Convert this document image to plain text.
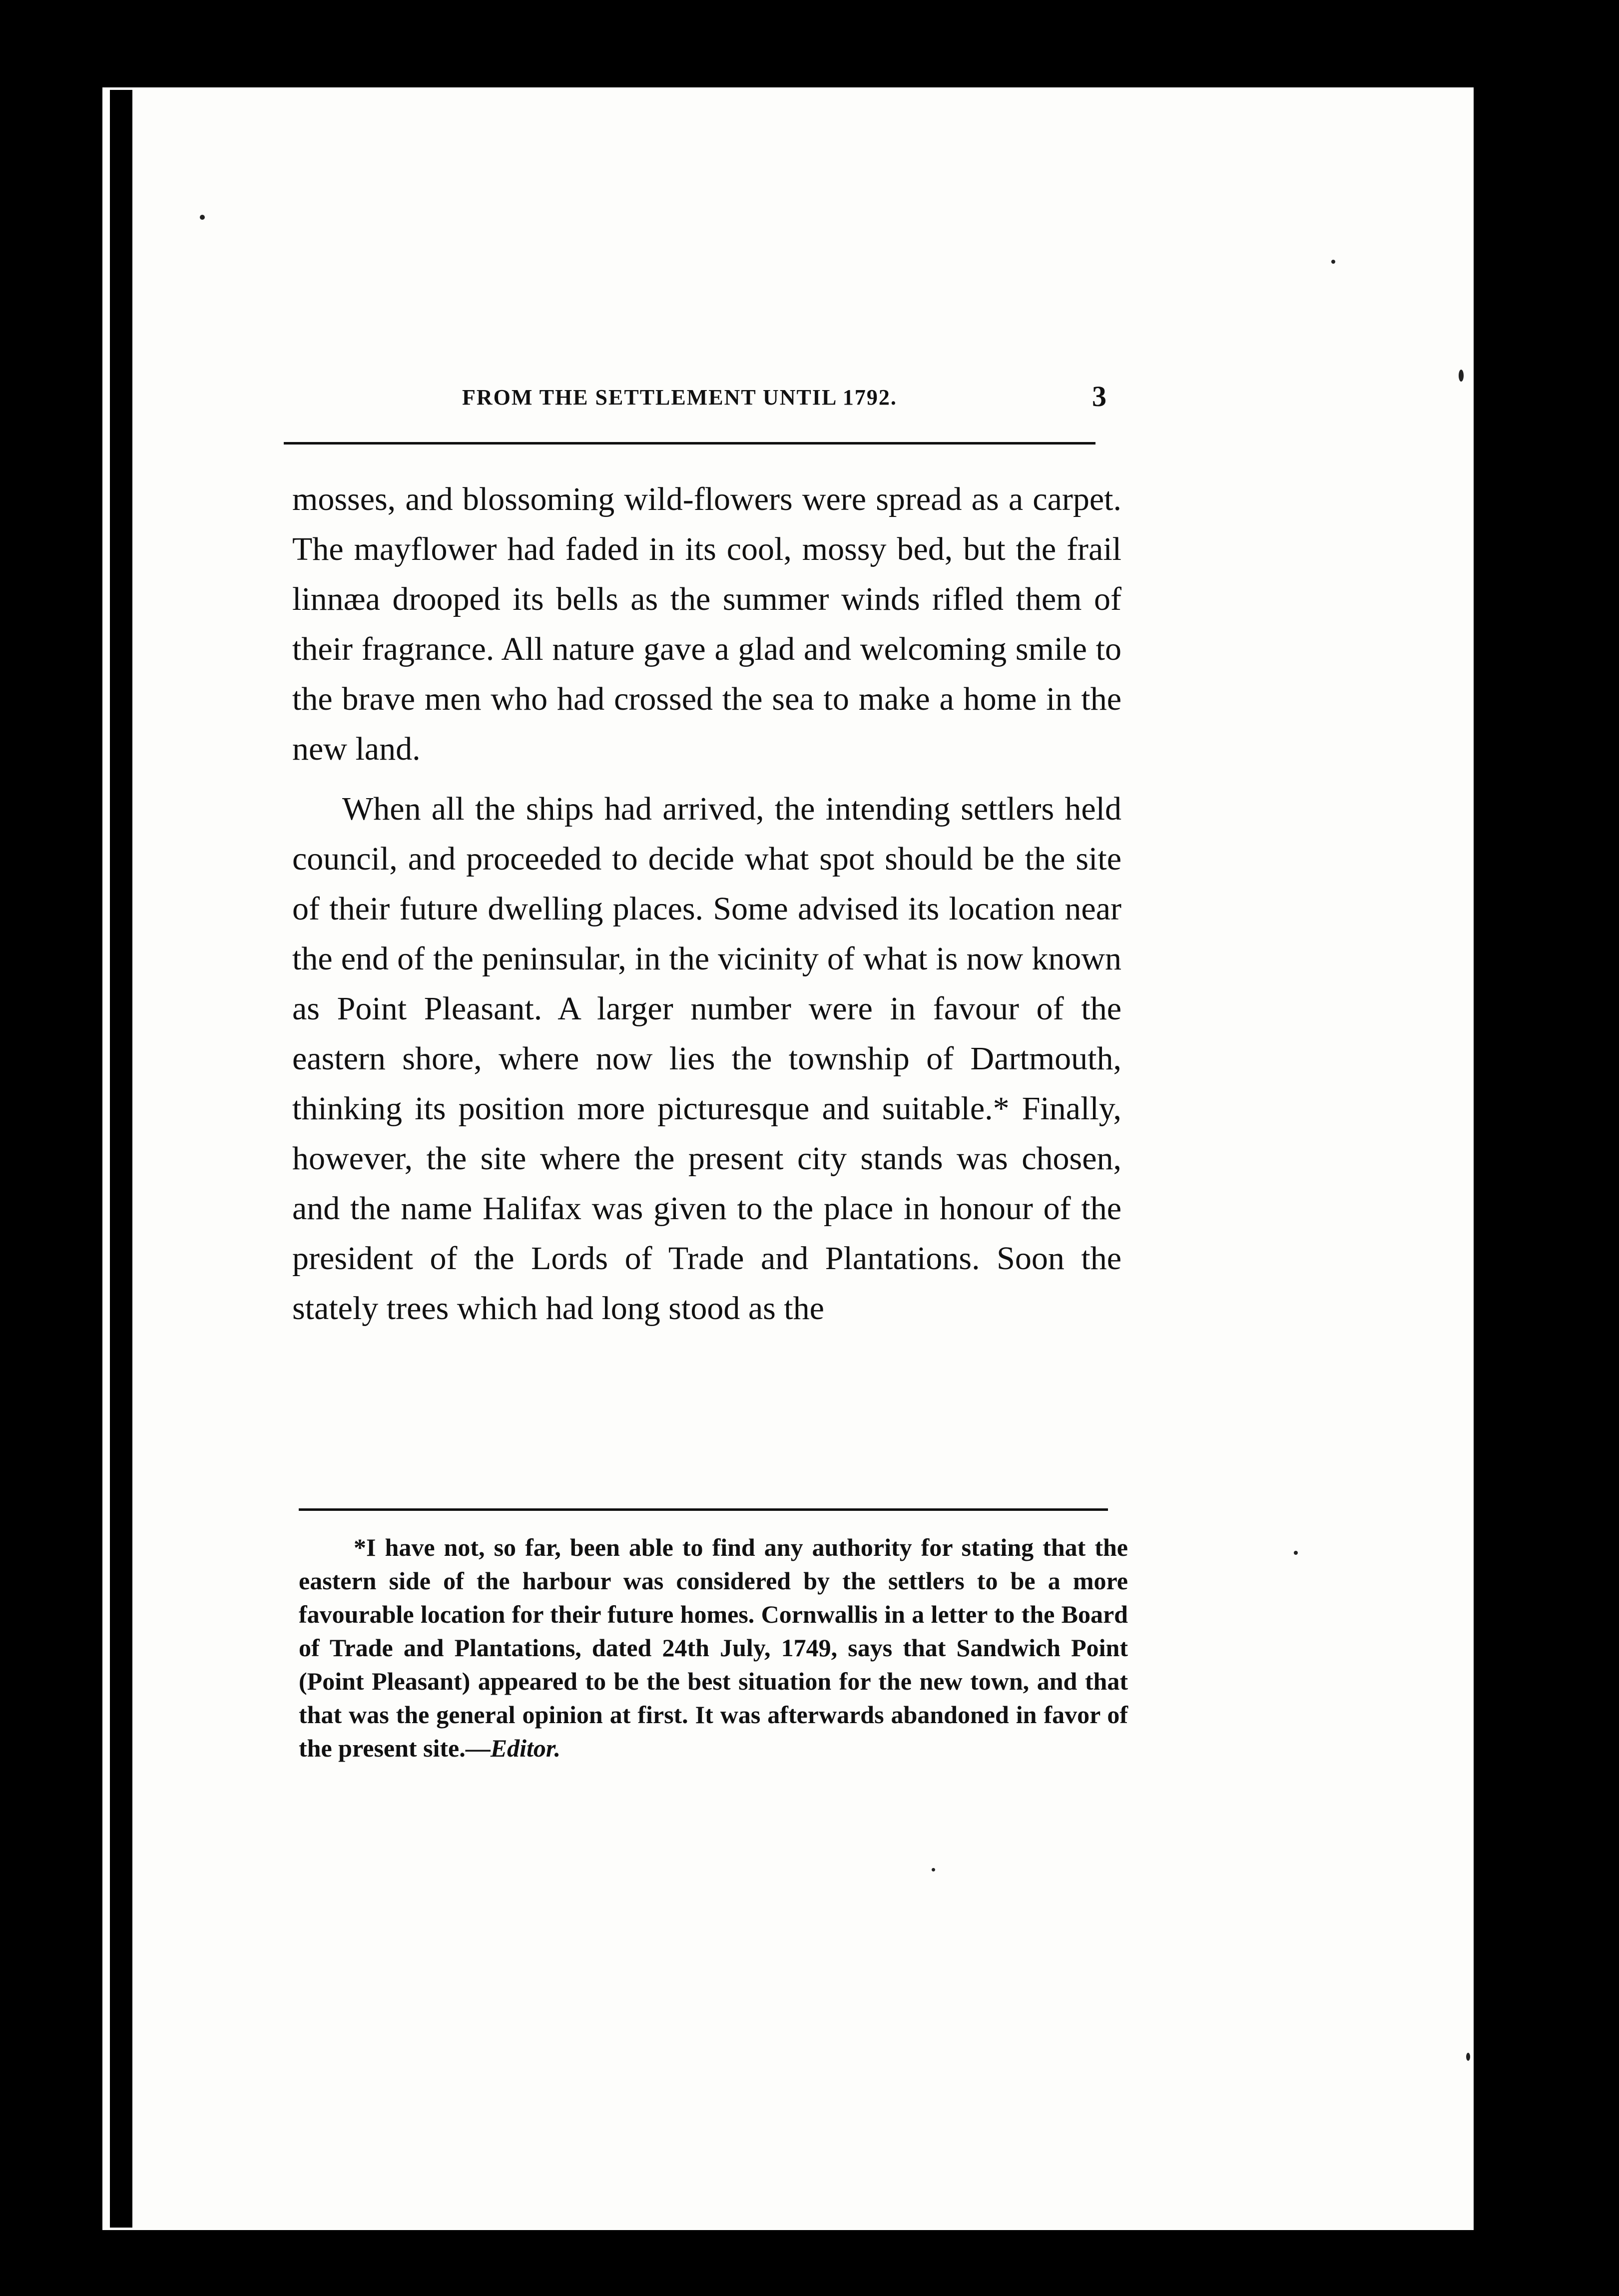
FROM THE SETTLEMENT UNTIL 1792.	3

mosses, and blossoming wild-flowers were spread as a carpet. The mayflower had faded in its cool, mossy bed, but the frail linnæa drooped its bells as the summer winds rifled them of their fragrance. All nature gave a glad and welcoming smile to the brave men who had crossed the sea to make a home in the new land.

When all the ships had arrived, the intending settlers held council, and proceeded to decide what spot should be the site of their future dwelling places. Some advised its location near the end of the peninsular, in the vicinity of what is now known as Point Pleasant. A larger number were in favour of the eastern shore, where now lies the township of Dartmouth, thinking its position more picturesque and suitable.* Finally, however, the site where the present city stands was chosen, and the name Halifax was given to the place in honour of the president of the Lords of Trade and Plantations. Soon the stately trees which had long stood as the

*I have not, so far, been able to find any authority for stating that the eastern side of the harbour was considered by the settlers to be a more favourable location for their future homes. Cornwallis in a letter to the Board of Trade and Plantations, dated 24th July, 1749, says that Sandwich Point (Point Pleasant) appeared to be the best situation for the new town, and that that was the general opinion at first. It was afterwards abandoned in favor of the present site.—Editor.
